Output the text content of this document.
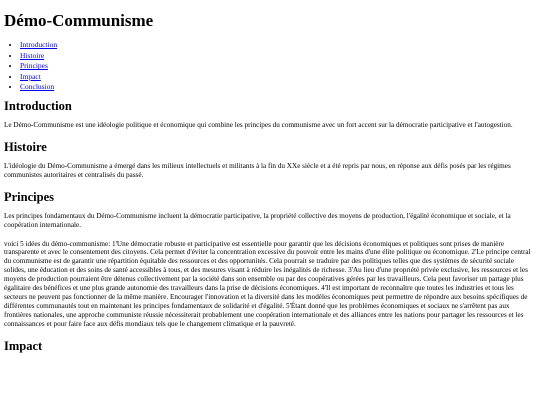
Démo-Communisme
• Introduction
• Histoire
• Principes
• Impact
• Conclusion
Introduction

Le Démo-Communisme est une idéologie politique et économique qui combine les principes du communisme avec un fort accent sur la démocratie participative et l'autogestion.

Histoire

L'idéologie du Démo-Communisme a émergé dans les milieux intellectuels et militants à la fin du XXe siècle et a été repris par nous, en réponse aux défis posés par les régimes communistes autoritaires et centralisés du passé.

Principes

Les principes fondamentaux du Démo-Communisme incluent la démocratie participative, la propriété collective des moyens de production, l'égalité économique et sociale, et la coopération internationale.

voici 5 idées du démo-communisme: 1'Une démocratie robuste et participative est essentielle pour garantir que les décisions économiques et politiques sont prises de manière transparente et avec le consentement des citoyens. Cela permet d'éviter la concentration excessive du pouvoir entre les mains d'une élite politique ou économique. 2'Le principe central du communisme est de garantir une répartition équitable des ressources et des opportunités. Cela pourrait se traduire par des politiques telles que des systèmes de sécurité sociale solides, une éducation et des soins de santé accessibles à tous, et des mesures visant à réduire les inégalités de richesse. 3'Au lieu d'une propriété privée exclusive, les ressources et les moyens de production pourraient être détenus collectivement par la société dans son ensemble ou par des coopératives gérées par les travailleurs. Cela peut favoriser un partage plus égalitaire des bénéfices et une plus grande autonomie des travailleurs dans la prise de décisions économiques. 4'Il est important de reconnaître que toutes les industries et tous les secteurs ne peuvent pas fonctionner de la même manière. Encourager l'innovation et la diversité dans les modèles économiques peut permettre de répondre aux besoins spécifiques de différentes communautés tout en maintenant les principes fondamentaux de solidarité et d'égalité. 5'Étant donné que les problèmes économiques et sociaux ne s'arrêtent pas aux frontières nationales, une approche communiste réussie nécessiterait probablement une coopération internationale et des alliances entre les nations pour partager les ressources et les connaissances et pour faire face aux défis mondiaux tels que le changement climatique et la pauvreté.

Impact
